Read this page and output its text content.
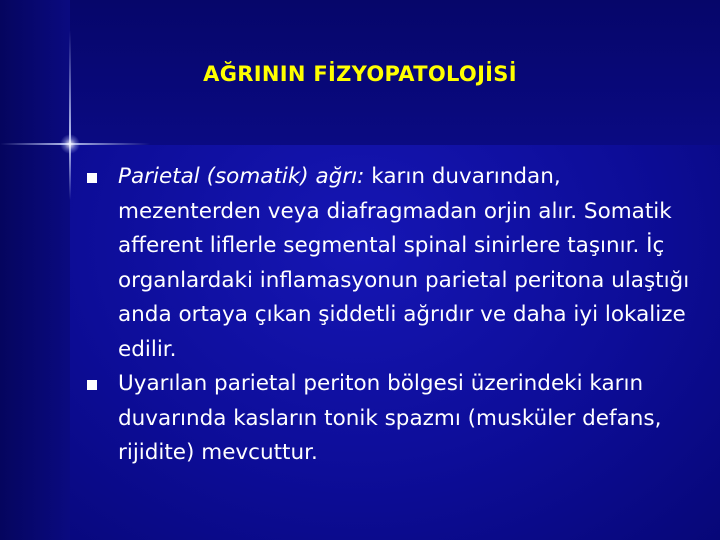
AĞRININ FİZYOPATOLOJİSİ
Parietal (somatik) ağrı: karın duvarından, mezenterden veya diafragmadan orjin alır. Somatik afferent liflerle segmental spinal sinirlere taşınır. İç organlardaki inflamasyonun parietal peritona ulaştığı anda ortaya çıkan şiddetli ağrıdır ve daha iyi lokalize edilir.
Uyarılan parietal periton bölgesi üzerindeki karın duvarında kasların tonik spazmı (musküler defans, rijidite) mevcuttur.
